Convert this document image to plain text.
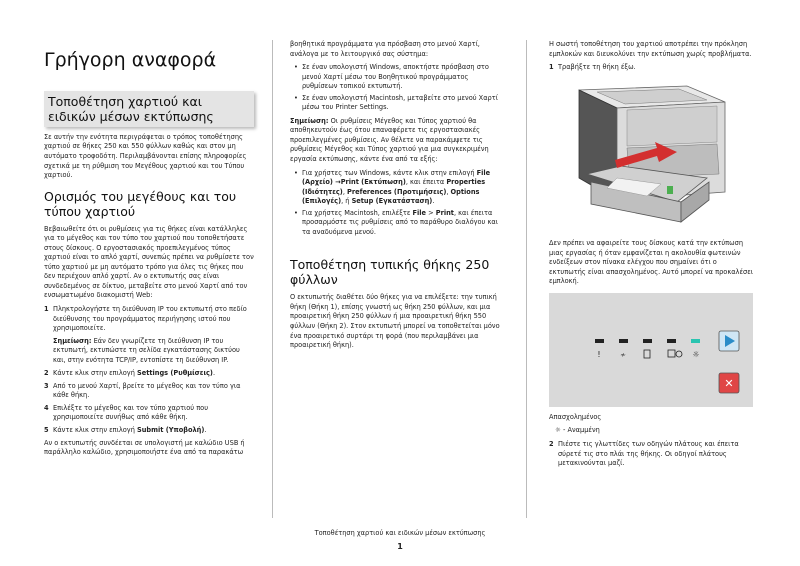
Γρήγορη αναφορά
Τοποθέτηση χαρτιού και ειδικών μέσων εκτύπωσης

Σε αυτήν την ενότητα περιγράφεται ο τρόπος τοποθέτησης χαρτιού σε θήκες 250 και 550 φύλλων καθώς και στον μη αυτόματο τροφοδότη. Περιλαμβάνονται επίσης πληροφορίες σχετικά με τη ρύθμιση του Μεγέθους χαρτιού και του Τύπου χαρτιού.

Ορισμός του μεγέθους και του τύπου χαρτιού

Βεβαιωθείτε ότι οι ρυθμίσεις για τις θήκες είναι κατάλληλες για το μέγεθος και τον τύπο του χαρτιού που τοποθετήσατε στους δίσκους. Ο εργοστασιακός προεπιλεγμένος τύπος χαρτιού είναι το απλό χαρτί, συνεπώς πρέπει να ρυθμίσετε τον τύπο χαρτιού με μη αυτόματο τρόπο για όλες τις θήκες που δεν περιέχουν απλό χαρτί. Αν ο εκτυπωτής σας είναι συνδεδεμένος σε δίκτυο, μεταβείτε στο μενού Χαρτί από τον ενσωματωμένο διακομιστή Web:

1 Πληκτρολογήστε τη διεύθυνση IP του εκτυπωτή στο πεδίο διεύθυνσης του προγράμματος περιήγησης ιστού που χρησιμοποιείτε.
Σημείωση: Εάν δεν γνωρίζετε τη διεύθυνση IP του εκτυπωτή, εκτυπώστε τη σελίδα εγκατάστασης δικτύου και, στην ενότητα TCP/IP, εντοπίστε τη διεύθυνση IP.
2 Κάντε κλικ στην επιλογή Settings (Ρυθμίσεις).
3 Από το μενού Χαρτί, βρείτε το μέγεθος και τον τύπο για κάθε θήκη.
4 Επιλέξτε το μέγεθος και τον τύπο χαρτιού που χρησιμοποιείτε συνήθως από κάθε θήκη.
5 Κάντε κλικ στην επιλογή Submit (Υποβολή).

Αν ο εκτυπωτής συνδέεται σε υπολογιστή με καλώδιο USB ή παράλληλο καλώδιο, χρησιμοποιήστε ένα από τα παρακάτω

βοηθητικά προγράμματα για πρόσβαση στο μενού Χαρτί, ανάλογα με το λειτουργικό σας σύστημα:

• Σε έναν υπολογιστή Windows, αποκτήστε πρόσβαση στο μενού Χαρτί μέσω του Βοηθητικού προγράμματος ρυθμίσεων τοπικού εκτυπωτή.
• Σε έναν υπολογιστή Macintosh, μεταβείτε στο μενού Χαρτί μέσω του Printer Settings.

Σημείωση: Οι ρυθμίσεις Μέγεθος και Τύπος χαρτιού θα αποθηκευτούν έως ότου επαναφέρετε τις εργοστασιακές προεπιλεγμένες ρυθμίσεις. Αν θέλετε να παρακάμψετε τις ρυθμίσεις Μέγεθος και Τύπος χαρτιού για μια συγκεκριμένη εργασία εκτύπωσης, κάντε ένα από τα εξής:

• Για χρήστες των Windows, κάντε κλικ στην επιλογή File (Αρχείο) →Print (Εκτύπωση), και έπειτα Properties (Ιδιότητες), Preferences (Προτιμήσεις), Options (Επιλογές), ή Setup (Εγκατάσταση).
• Για χρήστες Macintosh, επιλέξτε File > Print, και έπειτα προσαρμόστε τις ρυθμίσεις από το παράθυρο διαλόγου και τα αναδυόμενα μενού.
Τοποθέτηση τυπικής θήκης 250 φύλλων

Ο εκτυπωτής διαθέτει δύο θήκες για να επιλέξετε: την τυπική θήκη (Θήκη 1), επίσης γνωστή ως θήκη 250 φύλλων, και μια προαιρετική θήκη 250 φύλλων ή μια προαιρετική θήκη 550 φύλλων (Θήκη 2). Στον εκτυπωτή μπορεί να τοποθετείται μόνο ένα προαιρετικό συρτάρι τη φορά (που περιλαμβάνει μια προαιρετική θήκη).

Η σωστή τοποθέτηση του χαρτιού αποτρέπει την πρόκληση εμπλοκών και διευκολύνει την εκτύπωση χωρίς προβλήματα.

1 Τραβήξτε τη θήκη έξω.

Δεν πρέπει να αφαιρείτε τους δίσκους κατά την εκτύπωση μιας εργασίας ή όταν εμφανίζεται η ακολουθία φωτεινών ενδείξεων στον πίνακα ελέγχου που σημαίνει ότι ο εκτυπωτής είναι απασχολημένος. Αυτό μπορεί να προκαλέσει εμπλοκή.

!	≁	☼
✕

Απασχολημένος

☼ - Αναμμένη

2 Πιέστε τις γλωττίδες των οδηγών πλάτους και έπειτα σύρετέ τις στο πλάι της θήκης. Οι οδηγοί πλάτους μετακινούνται μαζί.
Τοποθέτηση χαρτιού και ειδικών μέσων εκτύπωσης
1
